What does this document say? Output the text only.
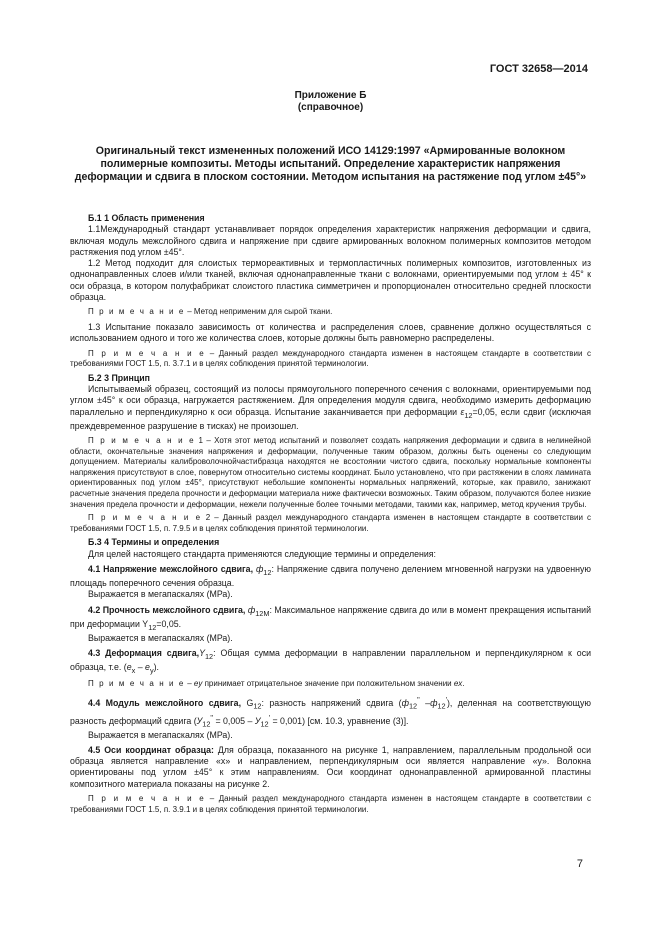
ГОСТ 32658—2014
Приложение Б
(справочное)
Оригинальный текст измененных положений ИСО 14129:1997 «Армированные волокном полимерные композиты. Методы испытаний. Определение характеристик напряжения деформации и сдвига в плоском состоянии. Методом испытания на растяжение под углом ±45°»

Б.1 1 Область применения

1.1Международный стандарт устанавливает порядок определения характеристик напряжения деформации и сдвига, включая модуль межслойного сдвига и напряжение при сдвиге армированных волокном полимерных композитов методом растяжения под углом ±45°.

1.2 Метод подходит для слоистых термореактивных и термопластичных полимерных композитов, изготовленных из однонаправленных слоев и/или тканей, включая однонаправленные ткани с волокнами, ориентируемыми под углом ± 45° к оси образца, в котором полуфабрикат слоистого пластика симметричен и пропорционален относительно средней плоскости образца.

П р и м е ч а н и е – Метод неприменим для сырой ткани.

1.3 Испытание показало зависимость от количества и распределения слоев, сравнение должно осуществляться с использованием одного и того же количества слоев, которые должны быть равномерно распределены.

П р и м е ч а н и е – Данный раздел международного стандарта изменен в настоящем стандарте в соответствии с требованиями ГОСТ 1.5, п. 3.7.1 и в целях соблюдения принятой терминологии.

Б.2 3 Принцип

Испытываемый образец, состоящий из полосы прямоугольного поперечного сечения с волокнами, ориентируемыми под углом ±45° к оси образца, нагружается растяжением. Для определения модуля сдвига, необходимо измерить деформацию параллельно и перпендикулярно к оси образца. Испытание заканчивается при деформации $\varepsilon_{12}=0,05$, если сдвиг (исключая преждевременное разрушение в тисках) не произошел.

П р и м е ч а н и е 1 – Хотя этот метод испытаний и позволяет создать напряжения деформации и сдвига в нелинейной области, окончательные значения напряжения и деформации, полученные таким образом, должны быть оценены со следующим допущением. Материалы калиброволочнойчастибразца находятся не всостоянии чистого сдвига, поскольку нормальные компоненты напряжения присутствуют в слое, повернутом относительно системы координат. Было установлено, что при растяжении в слоях ламината ориентированных под углом ±45°, присутствуют небольшие компоненты нормальных напряжений, которые, как правило, занижают расчетные значения предела прочности и деформации материала ниже фактически возможных. Таким образом, получаются более низкие значения предела прочности и деформации, нежели полученные более точными методами, такими как, например, метод кручения трубы.

П р и м е ч а н и е 2 – Данный раздел международного стандарта изменен в настоящем стандарте в соответствии с требованиями ГОСТ 1.5, п. 7.9.5 и в целях соблюдения принятой терминологии.

Б.3 4 Термины и определения

Для целей настоящего стандарта применяются следующие термины и определения:

4.1 Напряжение межслойного сдвига, $ф_{12}$: Напряжение сдвига получено делением мгновенной нагрузки на удвоенную площадь поперечного сечения образца.

Выражается в мегапаскалях (МРа).

4.2 Прочность межслойного сдвига, $ф_{12М}$: Максимальное напряжение сдвига до или в момент прекращения испытаний при деформации $Y_{12}=0,05$.

Выражается в мегапаскалях (МРа).

4.3 Деформация $сдвига,Y_{12}$: Общая сумма деформации в направлении параллельном и перпендикулярном к оси образца, т.е. $(e_x - e_y)$.

П р и м е ч а н и е – ey принимает отрицательное значение при положительном значении ex.

4.4 Модуль межслойного сдвига, $G_{12}$: разность напряжений сдвига ($ф_{12}^"$ $-ф_{12}'$), деленная на соответствующую разность деформаций сдвига $(У_{12}^" = 0,005 - У_{12}' = 0,001)$ [см. 10.3, уравнение (3)].

Выражается в мегапаскалях (МРа).

4.5 Оси координат образца: Для образца, показанного на рисунке 1, направлением, параллельным продольной оси образца является направление «х» и направлением, перпендикулярным оси является направление «у». Волокна ориентированы под углом ±45° к этим направлениям. Оси координат однонаправленной армированной пластины композитного материала показаны на рисунке 2.

П р и м е ч а н и е – Данный раздел международного стандарта изменен в настоящем стандарте в соответствии с требованиями ГОСТ 1.5, п. 3.9.1 и в целях соблюдения принятой терминологии.

7
